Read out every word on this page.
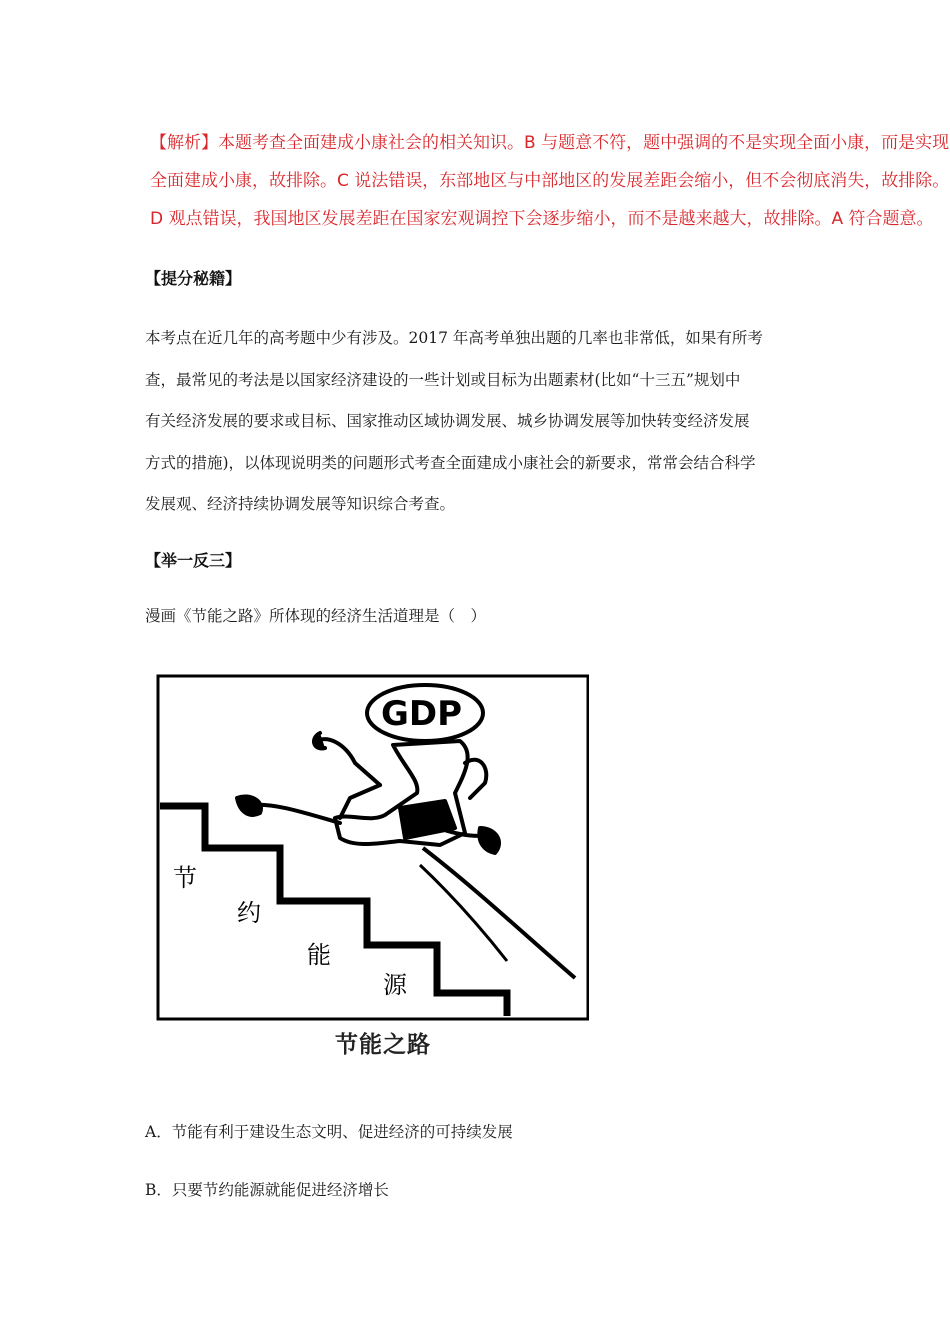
【解析】本题考查全面建成小康社会的相关知识。B 与题意不符，题中强调的不是实现全面小康，而是实现

全面建成小康，故排除。C 说法错误，东部地区与中部地区的发展差距会缩小，但不会彻底消失，故排除。

D 观点错误，我国地区发展差距在国家宏观调控下会逐步缩小，而不是越来越大，故排除。A 符合题意。

【提分秘籍】

本考点在近几年的高考题中少有涉及。2017 年高考单独出题的几率也非常低，如果有所考

查，最常见的考法是以国家经济建设的一些计划或目标为出题素材(比如“十三五”规划中

有关经济发展的要求或目标、国家推动区域协调发展、城乡协调发展等加快转变经济发展

方式的措施)，以体现说明类的问题形式考查全面建成小康社会的新要求，常常会结合科学

发展观、经济持续协调发展等知识综合考查。

【举一反三】
漫画《节能之路》所体现的经济生活道理是（　）
GDP
节
约
能
源
节能之路
A．节能有利于建设生态文明、促进经济的可持续发展
B．只要节约能源就能促进经济增长
